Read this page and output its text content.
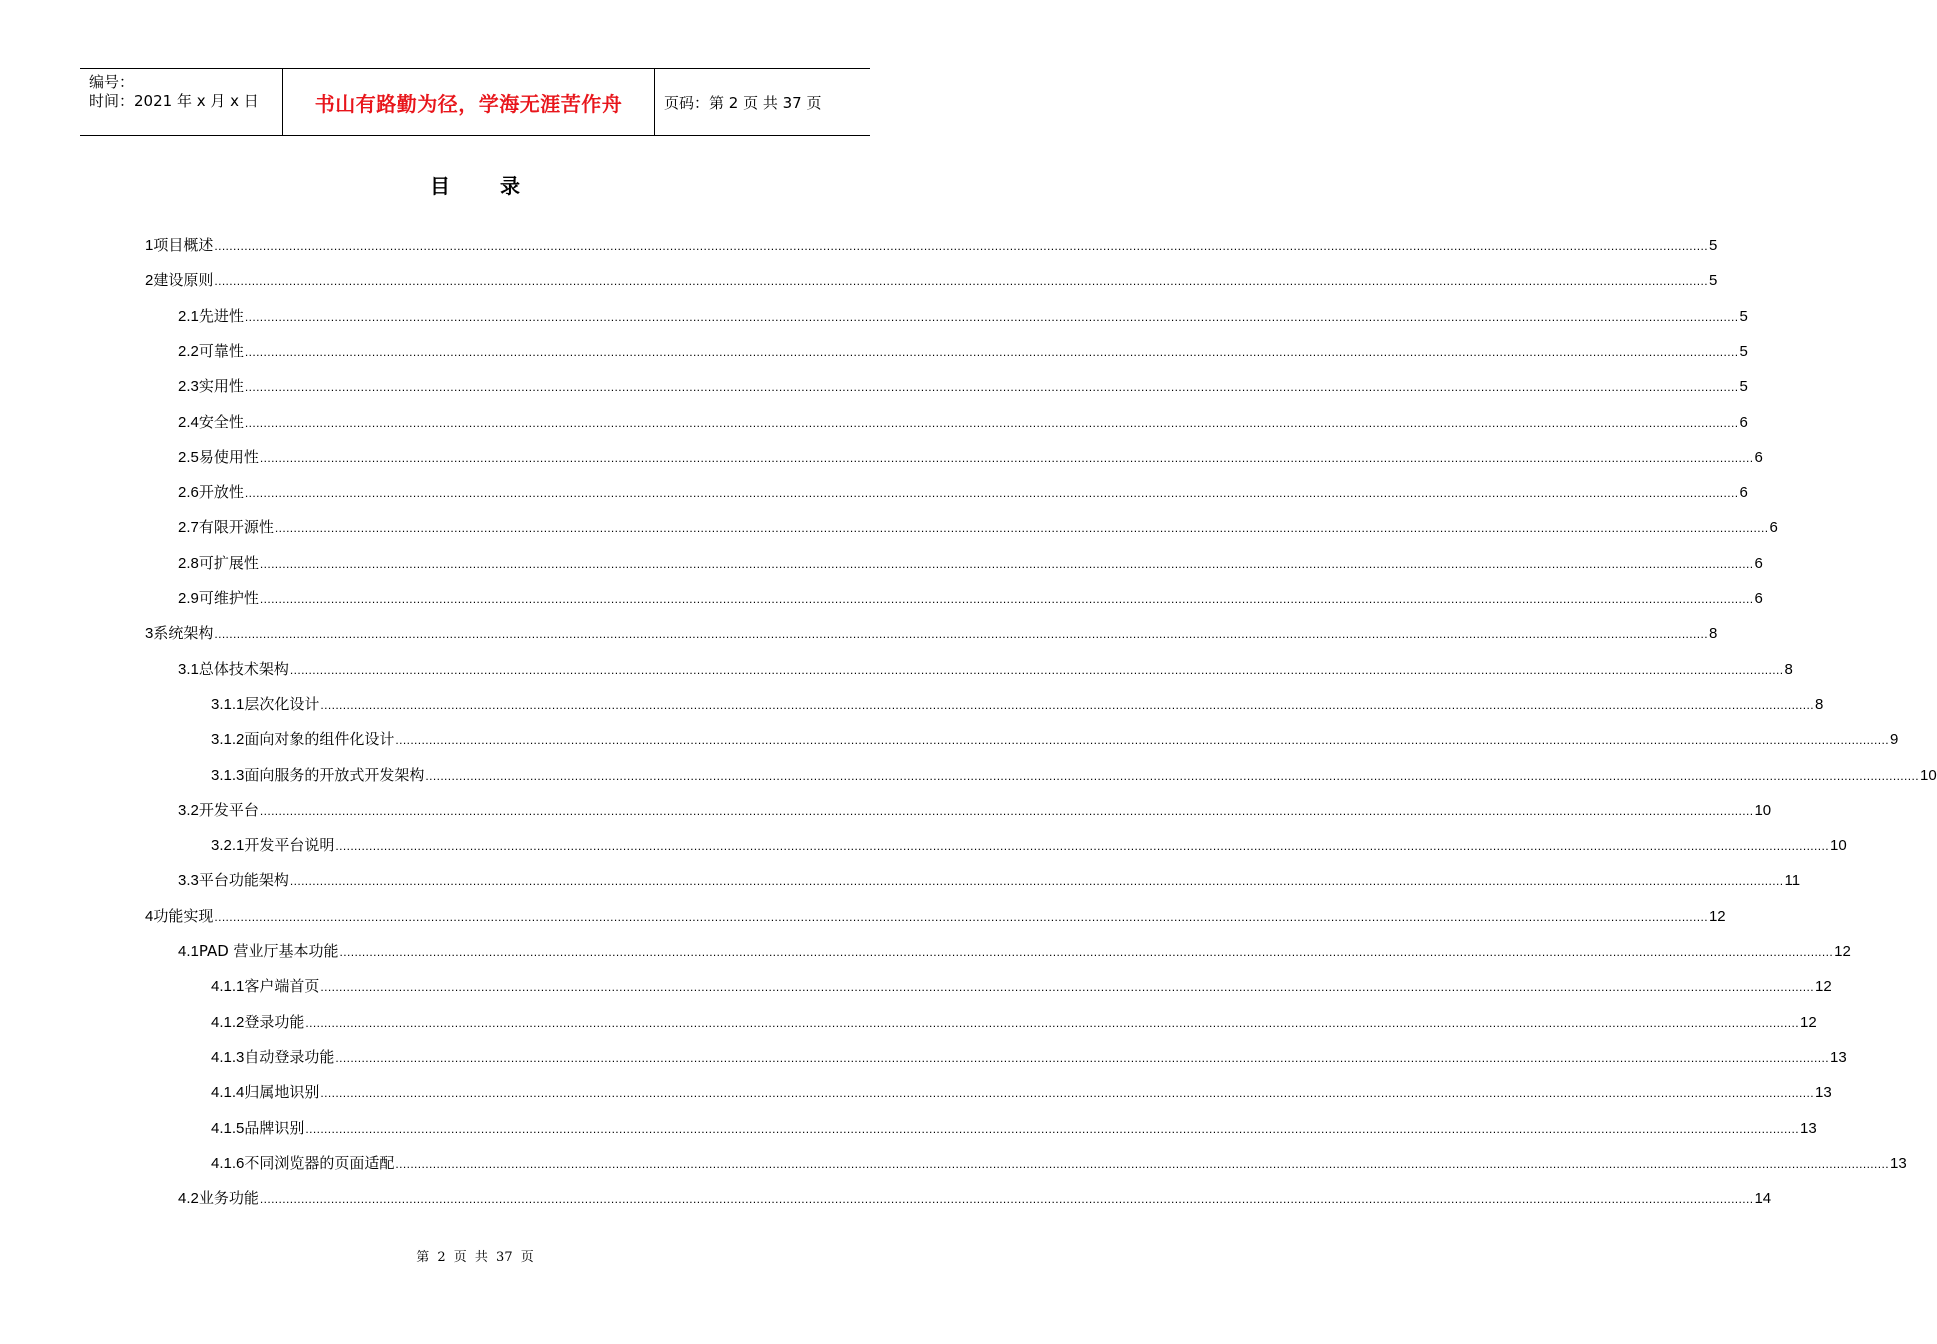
编号：
时间：2021 年 x 月 x 日	书山有路勤为径，学海无涯苦作舟	页码：第 2 页 共 37 页
目录
1 项目概述 ................................................................................................................................................................................................................................................................................................................................................................................................................ 5
2 建设原则 ................................................................................................................................................................................................................................................................................................................................................................................................................ 5
2.1 先进性 ................................................................................................................................................................................................................................................................................................................................................................................................................ 5
2.2 可靠性 ................................................................................................................................................................................................................................................................................................................................................................................................................ 5
2.3 实用性 ................................................................................................................................................................................................................................................................................................................................................................................................................ 5
2.4 安全性 ................................................................................................................................................................................................................................................................................................................................................................................................................ 6
2.5 易使用性 ................................................................................................................................................................................................................................................................................................................................................................................................................ 6
2.6 开放性 ................................................................................................................................................................................................................................................................................................................................................................................................................ 6
2.7 有限开源性 ................................................................................................................................................................................................................................................................................................................................................................................................................ 6
2.8 可扩展性 ................................................................................................................................................................................................................................................................................................................................................................................................................ 6
2.9 可维护性 ................................................................................................................................................................................................................................................................................................................................................................................................................ 6
3 系统架构 ................................................................................................................................................................................................................................................................................................................................................................................................................ 8
3.1 总体技术架构 ................................................................................................................................................................................................................................................................................................................................................................................................................ 8
3.1.1 层次化设计 ................................................................................................................................................................................................................................................................................................................................................................................................................ 8
3.1.2 面向对象的组件化设计 ................................................................................................................................................................................................................................................................................................................................................................................................................ 9
3.1.3 面向服务的开放式开发架构 ................................................................................................................................................................................................................................................................................................................................................................................................................ 10
3.2 开发平台 ................................................................................................................................................................................................................................................................................................................................................................................................................ 10
3.2.1 开发平台说明 ................................................................................................................................................................................................................................................................................................................................................................................................................ 10
3.3 平台功能架构 ................................................................................................................................................................................................................................................................................................................................................................................................................ 11
4 功能实现 ................................................................................................................................................................................................................................................................................................................................................................................................................ 12
4.1 PAD 营业厅基本功能 ................................................................................................................................................................................................................................................................................................................................................................................................................ 12
4.1.1 客户端首页 ................................................................................................................................................................................................................................................................................................................................................................................................................ 12
4.1.2 登录功能 ................................................................................................................................................................................................................................................................................................................................................................................................................ 12
4.1.3 自动登录功能 ................................................................................................................................................................................................................................................................................................................................................................................................................ 13
4.1.4 归属地识别 ................................................................................................................................................................................................................................................................................................................................................................................................................ 13
4.1.5 品牌识别 ................................................................................................................................................................................................................................................................................................................................................................................................................ 13
4.1.6 不同浏览器的页面适配 ................................................................................................................................................................................................................................................................................................................................................................................................................ 13
4.2 业务功能 ................................................................................................................................................................................................................................................................................................................................................................................................................ 14
第 2 页 共 37 页
